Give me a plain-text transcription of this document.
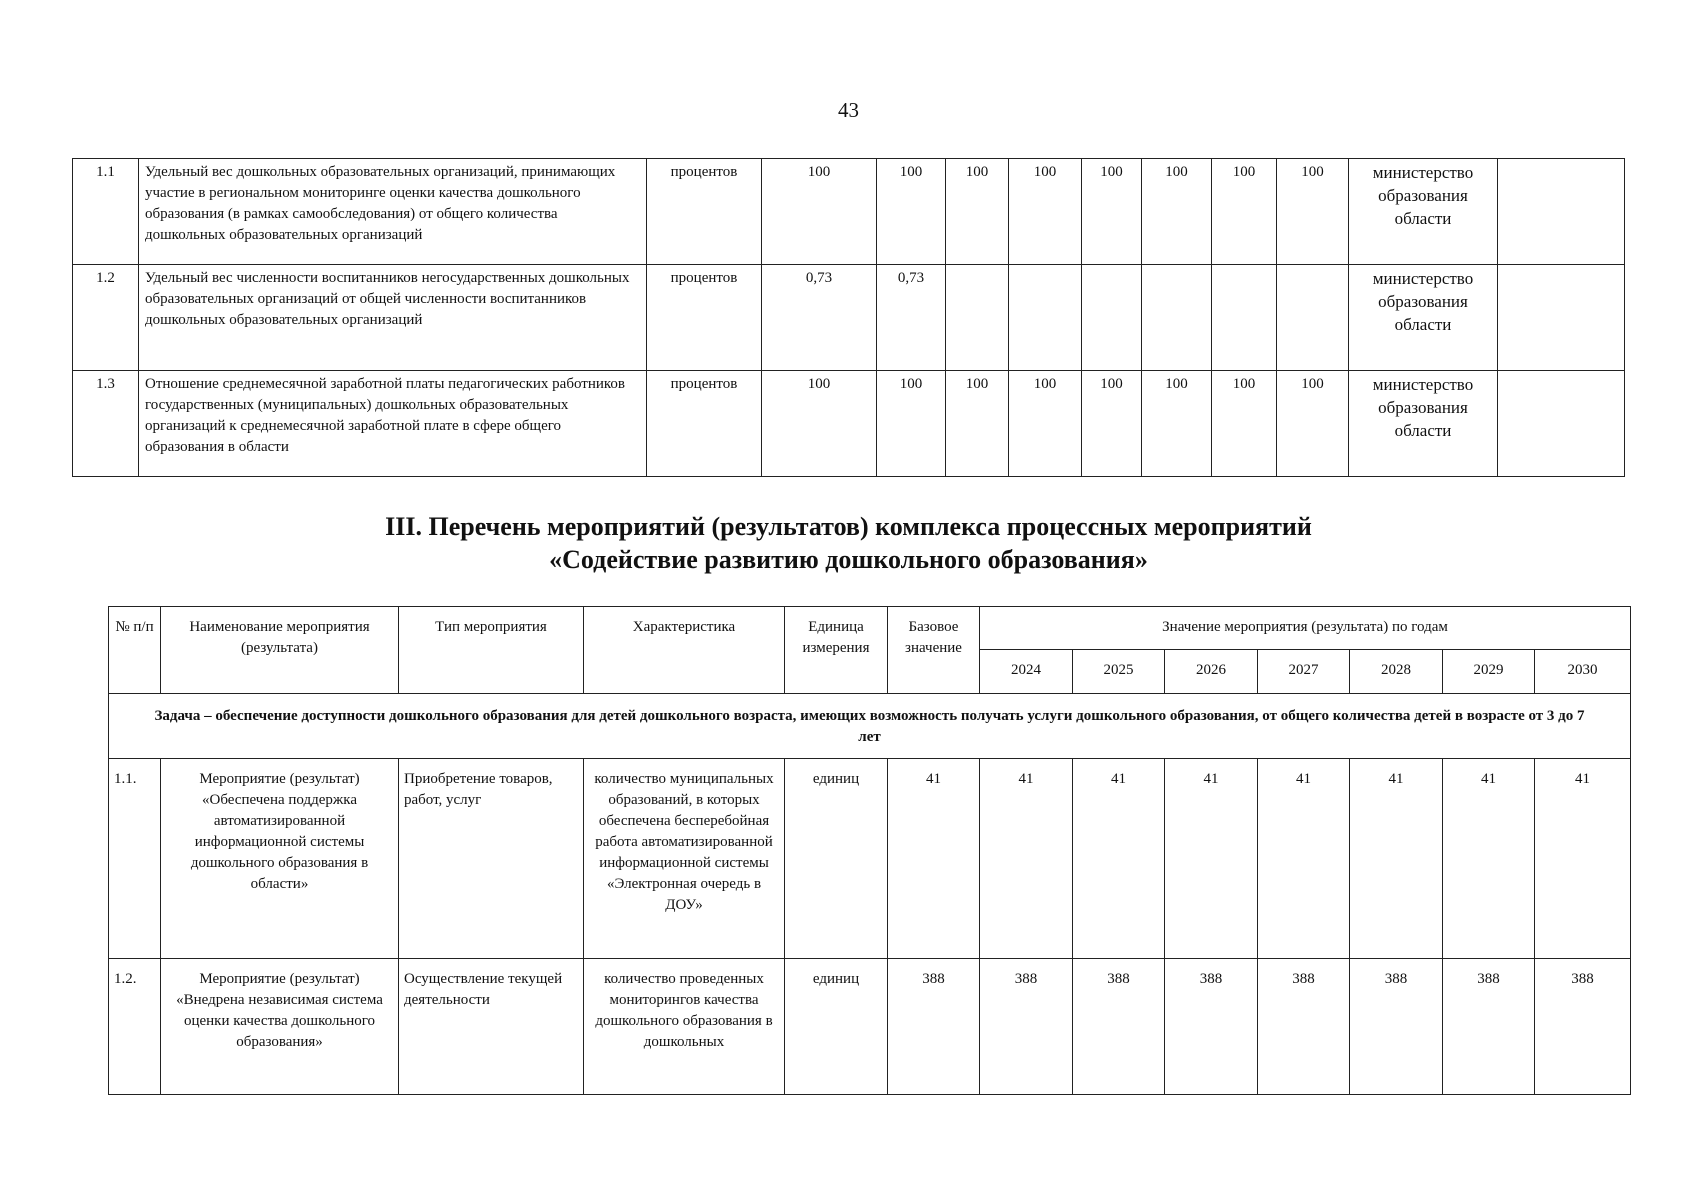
43
1.1	Удельный вес дошкольных образовательных организаций, принимающих участие в региональном мониторинге оценки качества дошкольного образования (в рамках самообследования) от общего количества дошкольных образовательных организаций	процентов	100	100	100	100	100	100	100	100	министерство образования области	
1.2	Удельный вес численности воспитанников негосударственных дошкольных образовательных организаций от общей численности воспитанников дошкольных образовательных организаций	процентов	0,73	0,73							министерство образования области	
1.3	Отношение среднемесячной заработной платы педагогических работников государственных (муниципальных) дошкольных образовательных организаций к среднемесячной заработной плате в сфере общего образования в области	процентов	100	100	100	100	100	100	100	100	министерство образования области	
III. Перечень мероприятий (результатов) комплекса процессных мероприятий
«Содействие развитию дошкольного образования»
№ п/п	Наименование мероприятия (результата)	Тип мероприятия	Характеристика	Единица измерения	Базовое значение	Значение мероприятия (результата) по годам						
						2024	2025	2026	2027	2028	2029	2030
Задача – обеспечение доступности дошкольного образования для детей дошкольного возраста, имеющих возможность получать услуги дошкольного образования, от общего количества детей в возрасте от 3 до 7 лет												
1.1.	Мероприятие (результат) «Обеспечена поддержка автоматизированной информационной системы дошкольного образования в области»	Приобретение товаров, работ, услуг	количество муниципальных образований, в которых обеспечена бесперебойная работа автоматизированной информационной системы «Электронная очередь в ДОУ»	единиц	41	41	41	41	41	41	41	41
1.2.	Мероприятие (результат) «Внедрена независимая система оценки качества дошкольного образования»	Осуществление текущей деятельности	количество проведенных мониторингов качества дошкольного образования в дошкольных	единиц	388	388	388	388	388	388	388	388
